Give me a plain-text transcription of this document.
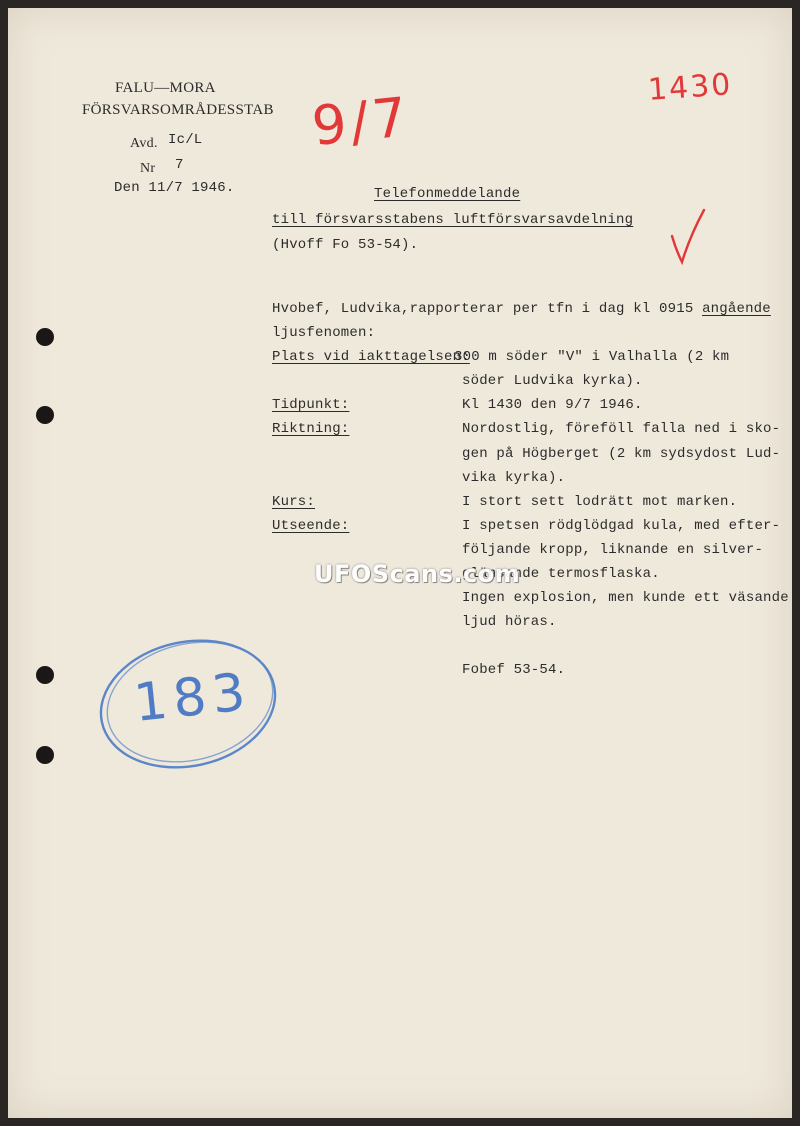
FALU—MORA
FÖRSVARSOMRÅDESSTAB
Avd. Ic/L
Nr 7
Den 11/7 1946.
1430
9/7
Telefonmeddelande
till försvarsstabens luftförsvarsavdelning
(Hvoff Fo 53-54).
Hvobef, Ludvika,rapporterar per tfn i dag kl 0915 angående
ljusfenomen:
Plats vid iakttagelsen:
300 m söder "V" i Valhalla (2 km
söder Ludvika kyrka).
Tidpunkt:	Kl 1430 den 9/7 1946.
Riktning:	Nordostlig, föreföll falla ned i sko-
gen på Högberget (2 km sydsydost Lud-
vika kyrka).
Kurs:	I stort sett lodrätt mot marken.
Utseende:	I spetsen rödglödgad kula, med efter-
följande kropp, liknande en silver-
glänsande termosflaska.
Ingen explosion, men kunde ett väsande
ljud höras.
Fobef 53-54.
183
UFOScans.com
